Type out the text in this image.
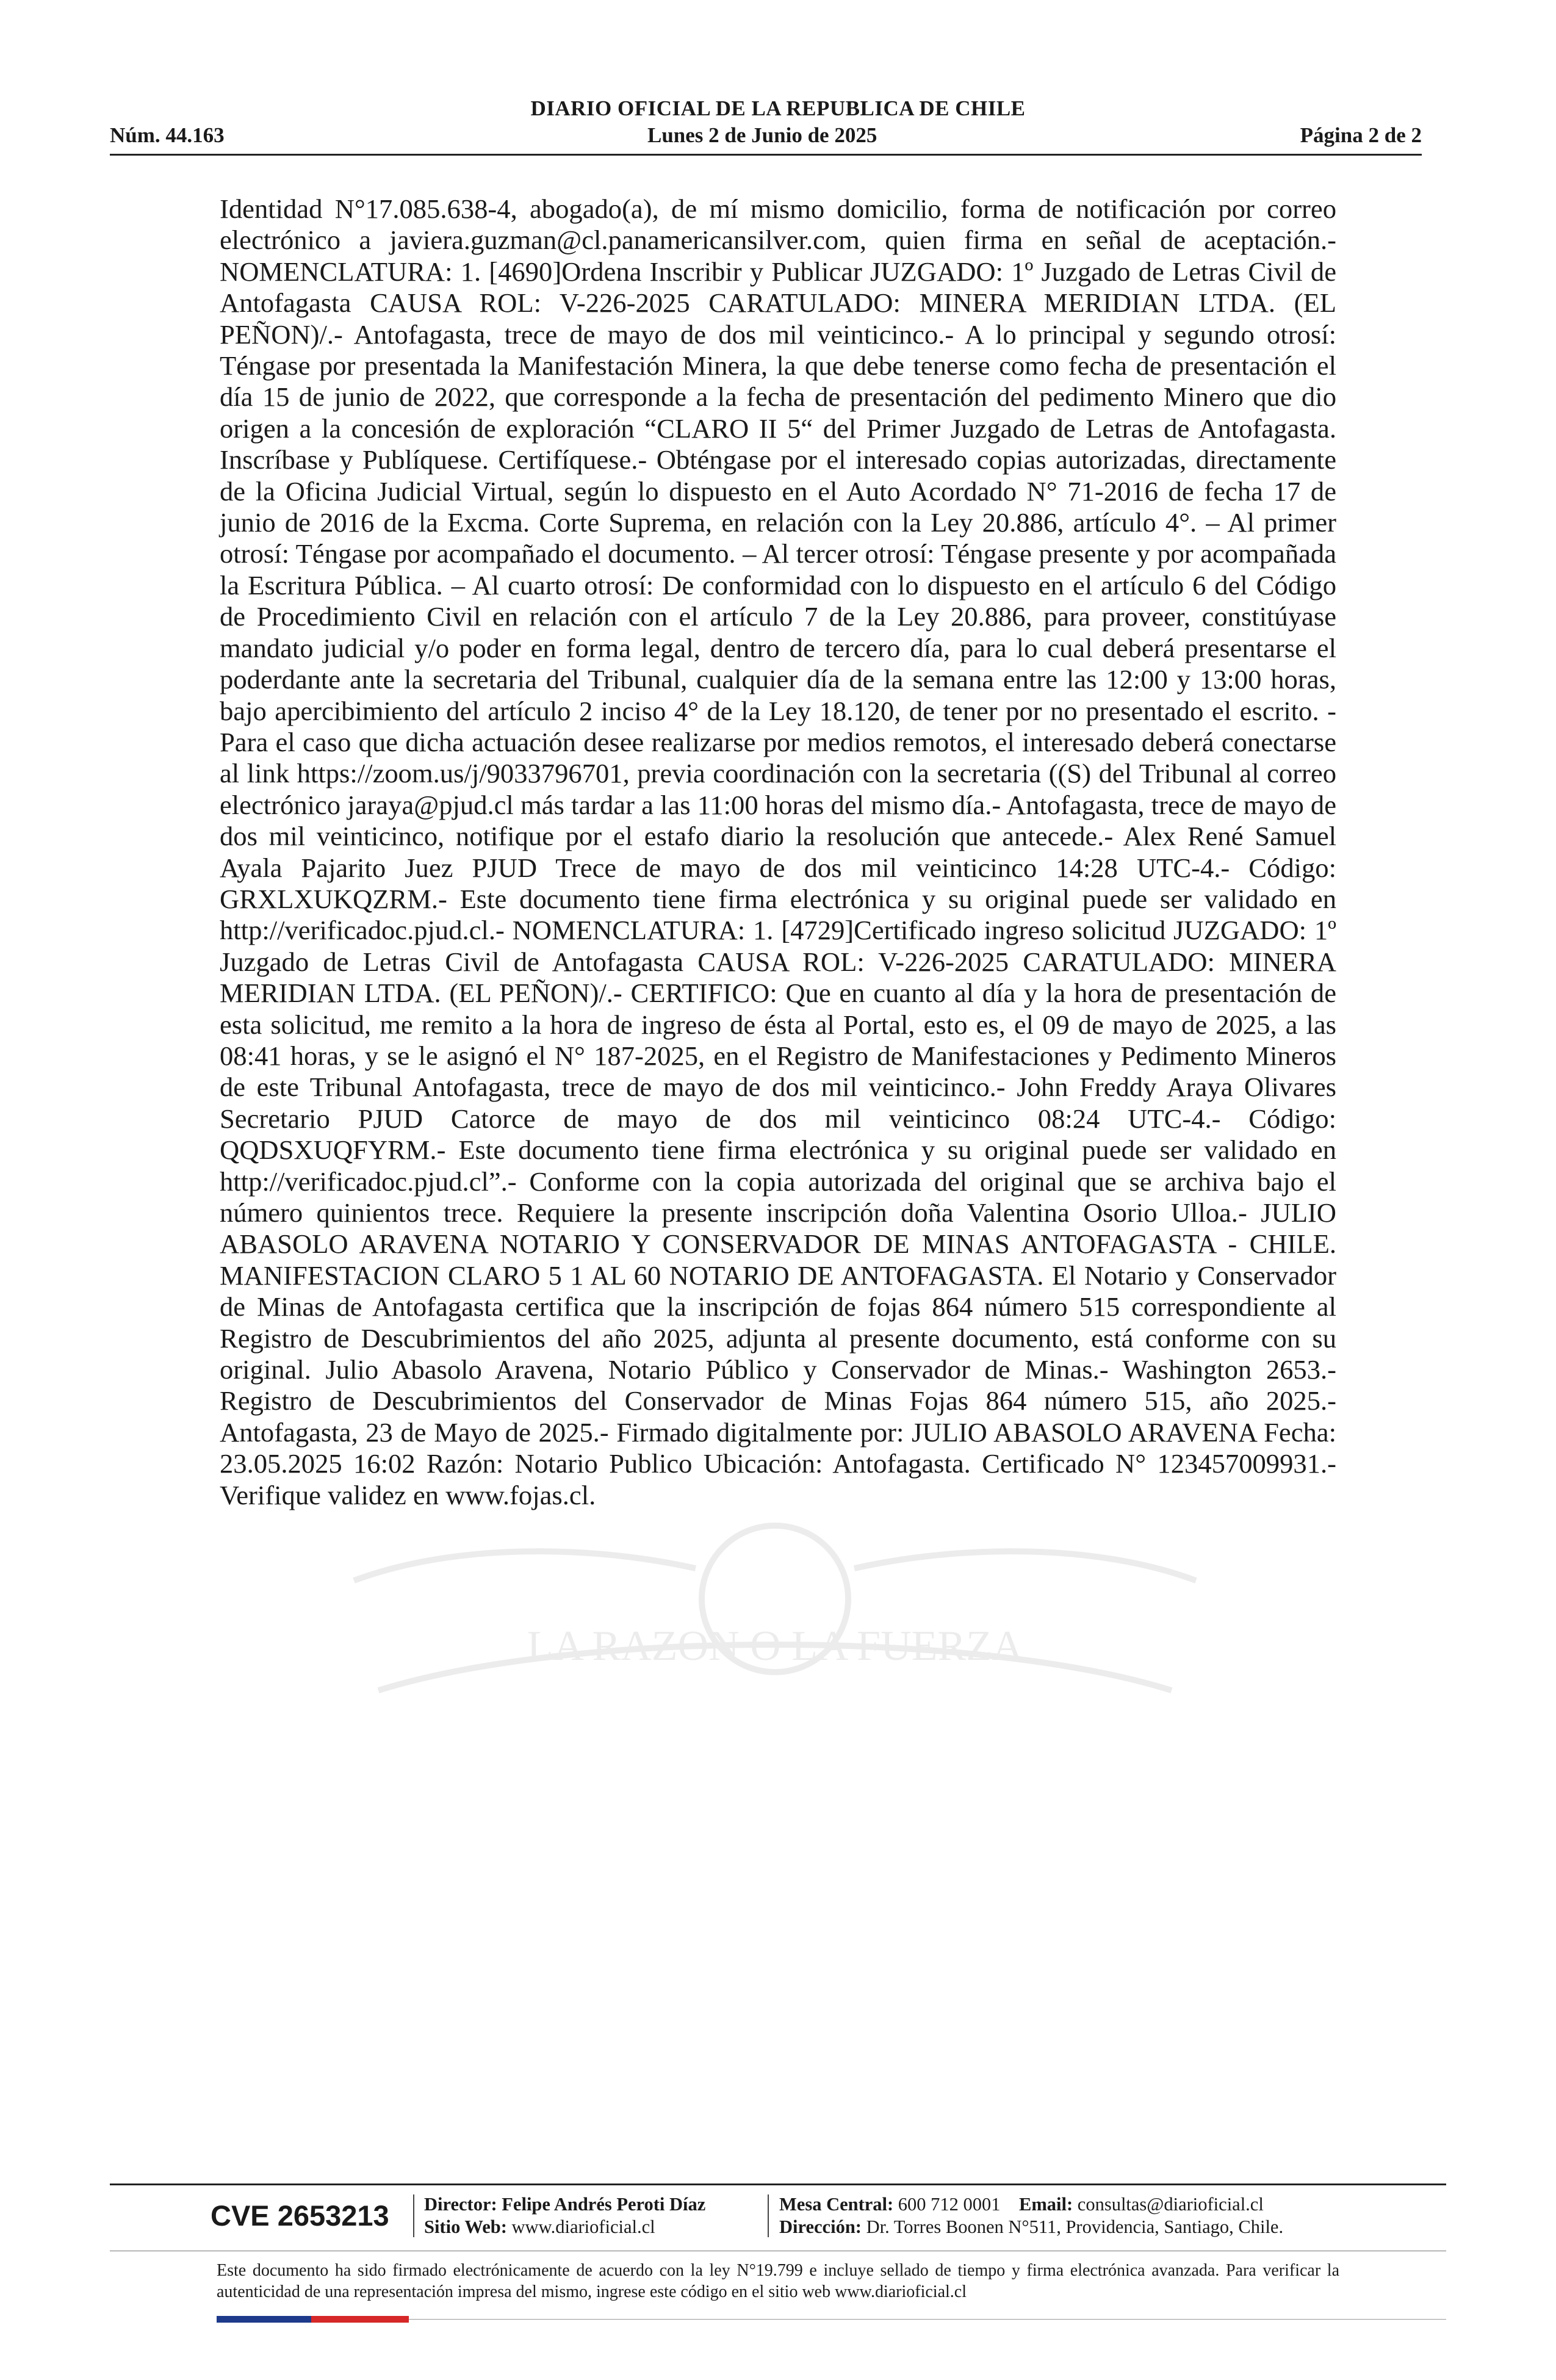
DIARIO OFICIAL DE LA REPUBLICA DE CHILE
Núm. 44.163	Lunes 2 de Junio de 2025	Página 2 de 2

Identidad N°17.085.638-4, abogado(a), de mí mismo domicilio, forma de notificación por correo electrónico a javiera.guzman@cl.panamericansilver.com, quien firma en señal de aceptación.- NOMENCLATURA: 1. [4690]Ordena Inscribir y Publicar JUZGADO: 1º Juzgado de Letras Civil de Antofagasta CAUSA ROL: V-226-2025 CARATULADO: MINERA MERIDIAN LTDA. (EL PEÑON)/.- Antofagasta, trece de mayo de dos mil veinticinco.- A lo principal y segundo otrosí: Téngase por presentada la Manifestación Minera, la que debe tenerse como fecha de presentación el día 15 de junio de 2022, que corresponde a la fecha de presentación del pedimento Minero que dio origen a la concesión de exploración “CLARO II 5“ del Primer Juzgado de Letras de Antofagasta. Inscríbase y Publíquese. Certifíquese.- Obténgase por el interesado copias autorizadas, directamente de la Oficina Judicial Virtual, según lo dispuesto en el Auto Acordado N° 71-2016 de fecha 17 de junio de 2016 de la Excma. Corte Suprema, en relación con la Ley 20.886, artículo 4°. – Al primer otrosí: Téngase por acompañado el documento. – Al tercer otrosí: Téngase presente y por acompañada la Escritura Pública. – Al cuarto otrosí: De conformidad con lo dispuesto en el artículo 6 del Código de Procedimiento Civil en relación con el artículo 7 de la Ley 20.886, para proveer, constitúyase mandato judicial y/o poder en forma legal, dentro de tercero día, para lo cual deberá presentarse el poderdante ante la secretaria del Tribunal, cualquier día de la semana entre las 12:00 y 13:00 horas, bajo apercibimiento del artículo 2 inciso 4° de la Ley 18.120, de tener por no presentado el escrito. - Para el caso que dicha actuación desee realizarse por medios remotos, el interesado deberá conectarse al link https://zoom.us/j/9033796701, previa coordinación con la secretaria ((S) del Tribunal al correo electrónico jaraya@pjud.cl más tardar a las 11:00 horas del mismo día.- Antofagasta, trece de mayo de dos mil veinticinco, notifique por el estafo diario la resolución que antecede.- Alex René Samuel Ayala Pajarito Juez PJUD Trece de mayo de dos mil veinticinco 14:28 UTC-4.- Código: GRXLXUKQZRM.- Este documento tiene firma electrónica y su original puede ser validado en http://verificadoc.pjud.cl.- NOMENCLATURA: 1. [4729]Certificado ingreso solicitud JUZGADO: 1º Juzgado de Letras Civil de Antofagasta CAUSA ROL: V-226-2025 CARATULADO: MINERA MERIDIAN LTDA. (EL PEÑON)/.- CERTIFICO: Que en cuanto al día y la hora de presentación de esta solicitud, me remito a la hora de ingreso de ésta al Portal, esto es, el 09 de mayo de 2025, a las 08:41 horas, y se le asignó el N° 187-2025, en el Registro de Manifestaciones y Pedimento Mineros de este Tribunal Antofagasta, trece de mayo de dos mil veinticinco.- John Freddy Araya Olivares Secretario PJUD Catorce de mayo de dos mil veinticinco 08:24 UTC-4.- Código: QQDSXUQFYRM.- Este documento tiene firma electrónica y su original puede ser validado en http://verificadoc.pjud.cl”.- Conforme con la copia autorizada del original que se archiva bajo el número quinientos trece. Requiere la presente inscripción doña Valentina Osorio Ulloa.- JULIO ABASOLO ARAVENA NOTARIO Y CONSERVADOR DE MINAS ANTOFAGASTA - CHILE. MANIFESTACION CLARO 5 1 AL 60 NOTARIO DE ANTOFAGASTA. El Notario y Conservador de Minas de Antofagasta certifica que la inscripción de fojas 864 número 515 correspondiente al Registro de Descubrimientos del año 2025, adjunta al presente documento, está conforme con su original. Julio Abasolo Aravena, Notario Público y Conservador de Minas.- Washington 2653.- Registro de Descubrimientos del Conservador de Minas Fojas 864 número 515, año 2025.- Antofagasta, 23 de Mayo de 2025.- Firmado digitalmente por: JULIO ABASOLO ARAVENA Fecha: 23.05.2025 16:02 Razón: Notario Publico Ubicación: Antofagasta. Certificado N° 123457009931.- Verifique validez en www.fojas.cl.

LA RAZON O LA FUERZA
CVE 2653213 Director: Felipe Andrés Peroti Díaz
Sitio Web: www.diarioficial.cl
Mesa Central: 600 712 0001 Email: consultas@diarioficial.cl
Dirección: Dr. Torres Boonen N°511, Providencia, Santiago, Chile.
Este documento ha sido firmado electrónicamente de acuerdo con la ley N°19.799 e incluye sellado de tiempo y firma electrónica avanzada. Para verificar la autenticidad de una representación impresa del mismo, ingrese este código en el sitio web www.diarioficial.cl
